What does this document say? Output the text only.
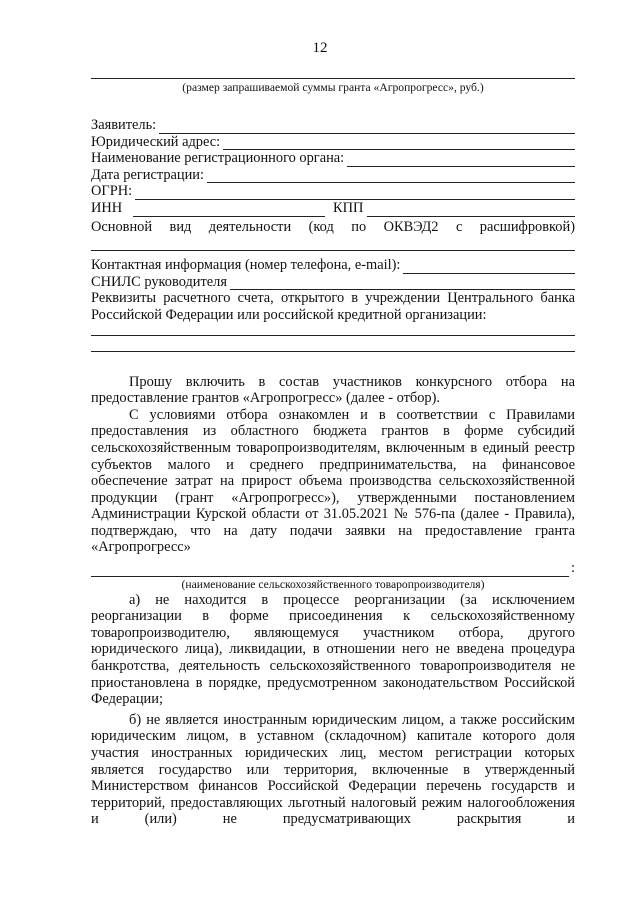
12
(размер запрашиваемой суммы гранта «Агропрогресс», руб.)
Заявитель:
Юридический адрес:
Наименование регистрационного органа:
Дата регистрации:
ОГРН:
ИНН	КПП
Основной вид деятельности (код по ОКВЭД2 с расшифровкой)
Контактная информация (номер телефона, e-mail):
СНИЛС руководителя

Реквизиты расчетного счета, открытого в учреждении Центрального банка Российской Федерации или российской кредитной организации:

Прошу включить в состав участников конкурсного отбора на предоставление грантов «Агропрогресс» (далее - отбор).

С условиями отбора ознакомлен и в соответствии с Правилами предоставления из областного бюджета грантов в форме субсидий сельскохозяйственным товаропроизводителям, включенным в единый реестр субъектов малого и среднего предпринимательства, на финансовое обеспечение затрат на прирост объема производства сельскохозяйственной продукции (грант «Агропрогресс»), утвержденными постановлением Администрации Курской области от 31.05.2021 № 576-па (далее - Правила), подтверждаю, что на дату подачи заявки на предоставление гранта «Агропрогресс»

:
(наименование сельскохозяйственного товаропроизводителя)

а) не находится в процессе реорганизации (за исключением реорганизации в форме присоединения к сельскохозяйственному товаропроизводителю, являющемуся участником отбора, другого юридического лица), ликвидации, в отношении него не введена процедура банкротства, деятельность сельскохозяйственного товаропроизводителя не приостановлена в порядке, предусмотренном законодательством Российской Федерации;

б) не является иностранным юридическим лицом, а также российским юридическим лицом, в уставном (складочном) капитале которого доля участия иностранных юридических лиц, местом регистрации которых является государство или территория, включенные в утвержденный Министерством финансов Российской Федерации перечень государств и территорий, предоставляющих льготный налоговый режим налогообложения и (или) не предусматривающих раскрытия и
